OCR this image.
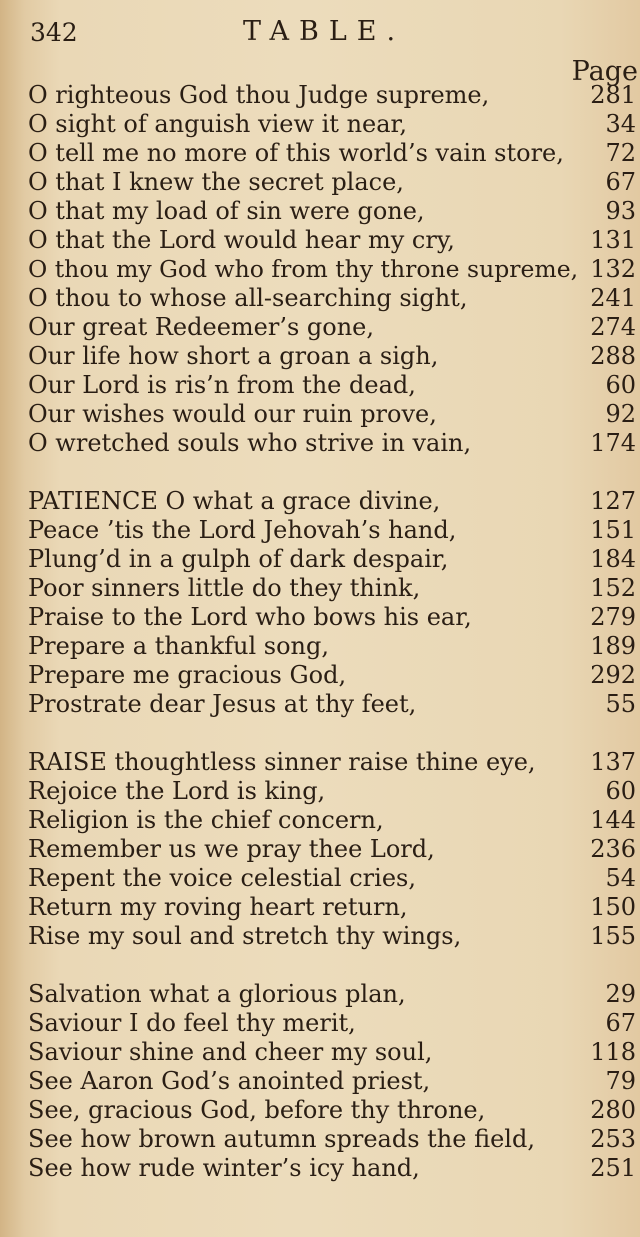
342	TABLE.
Page
O righteous God thou Judge supreme,	281
O sight of anguish view it near,	34
O tell me no more of this world’s vain store, 72
O that I knew the secret place,	67
O that my load of sin were gone,	93
O that the Lord would hear my cry,	131
O thou my God who from thy throne supreme, 132
O thou to whose all-searching sight,	241
Our great Redeemer’s gone,	274
Our life how short a groan a sigh,	288
Our Lord is ris’n from the dead,	60
Our wishes would our ruin prove,	92
O wretched souls who strive in vain,	174
PATIENCE O what a grace divine,	127
Peace ’tis the Lord Jehovah’s hand,	151
Plung’d in a gulph of dark despair,	184
Poor sinners little do they think,	152
Praise to the Lord who bows his ear,	279
Prepare a thankful song,	189
Prepare me gracious God,	292
Prostrate dear Jesus at thy feet,	55
RAISE thoughtless sinner raise thine eye, 137
Rejoice the Lord is king,	60
Religion is the chief concern,	144
Remember us we pray thee Lord,	236
Repent the voice celestial cries,	54
Return my roving heart return,	150
Rise my soul and stretch thy wings,	155
Salvation what a glorious plan,	29
Saviour I do feel thy merit,	67
Saviour shine and cheer my soul,	118
See Aaron God’s anointed priest,	79
See, gracious God, before thy throne,	280
See how brown autumn spreads the field, 253
See how rude winter’s icy hand,	251
